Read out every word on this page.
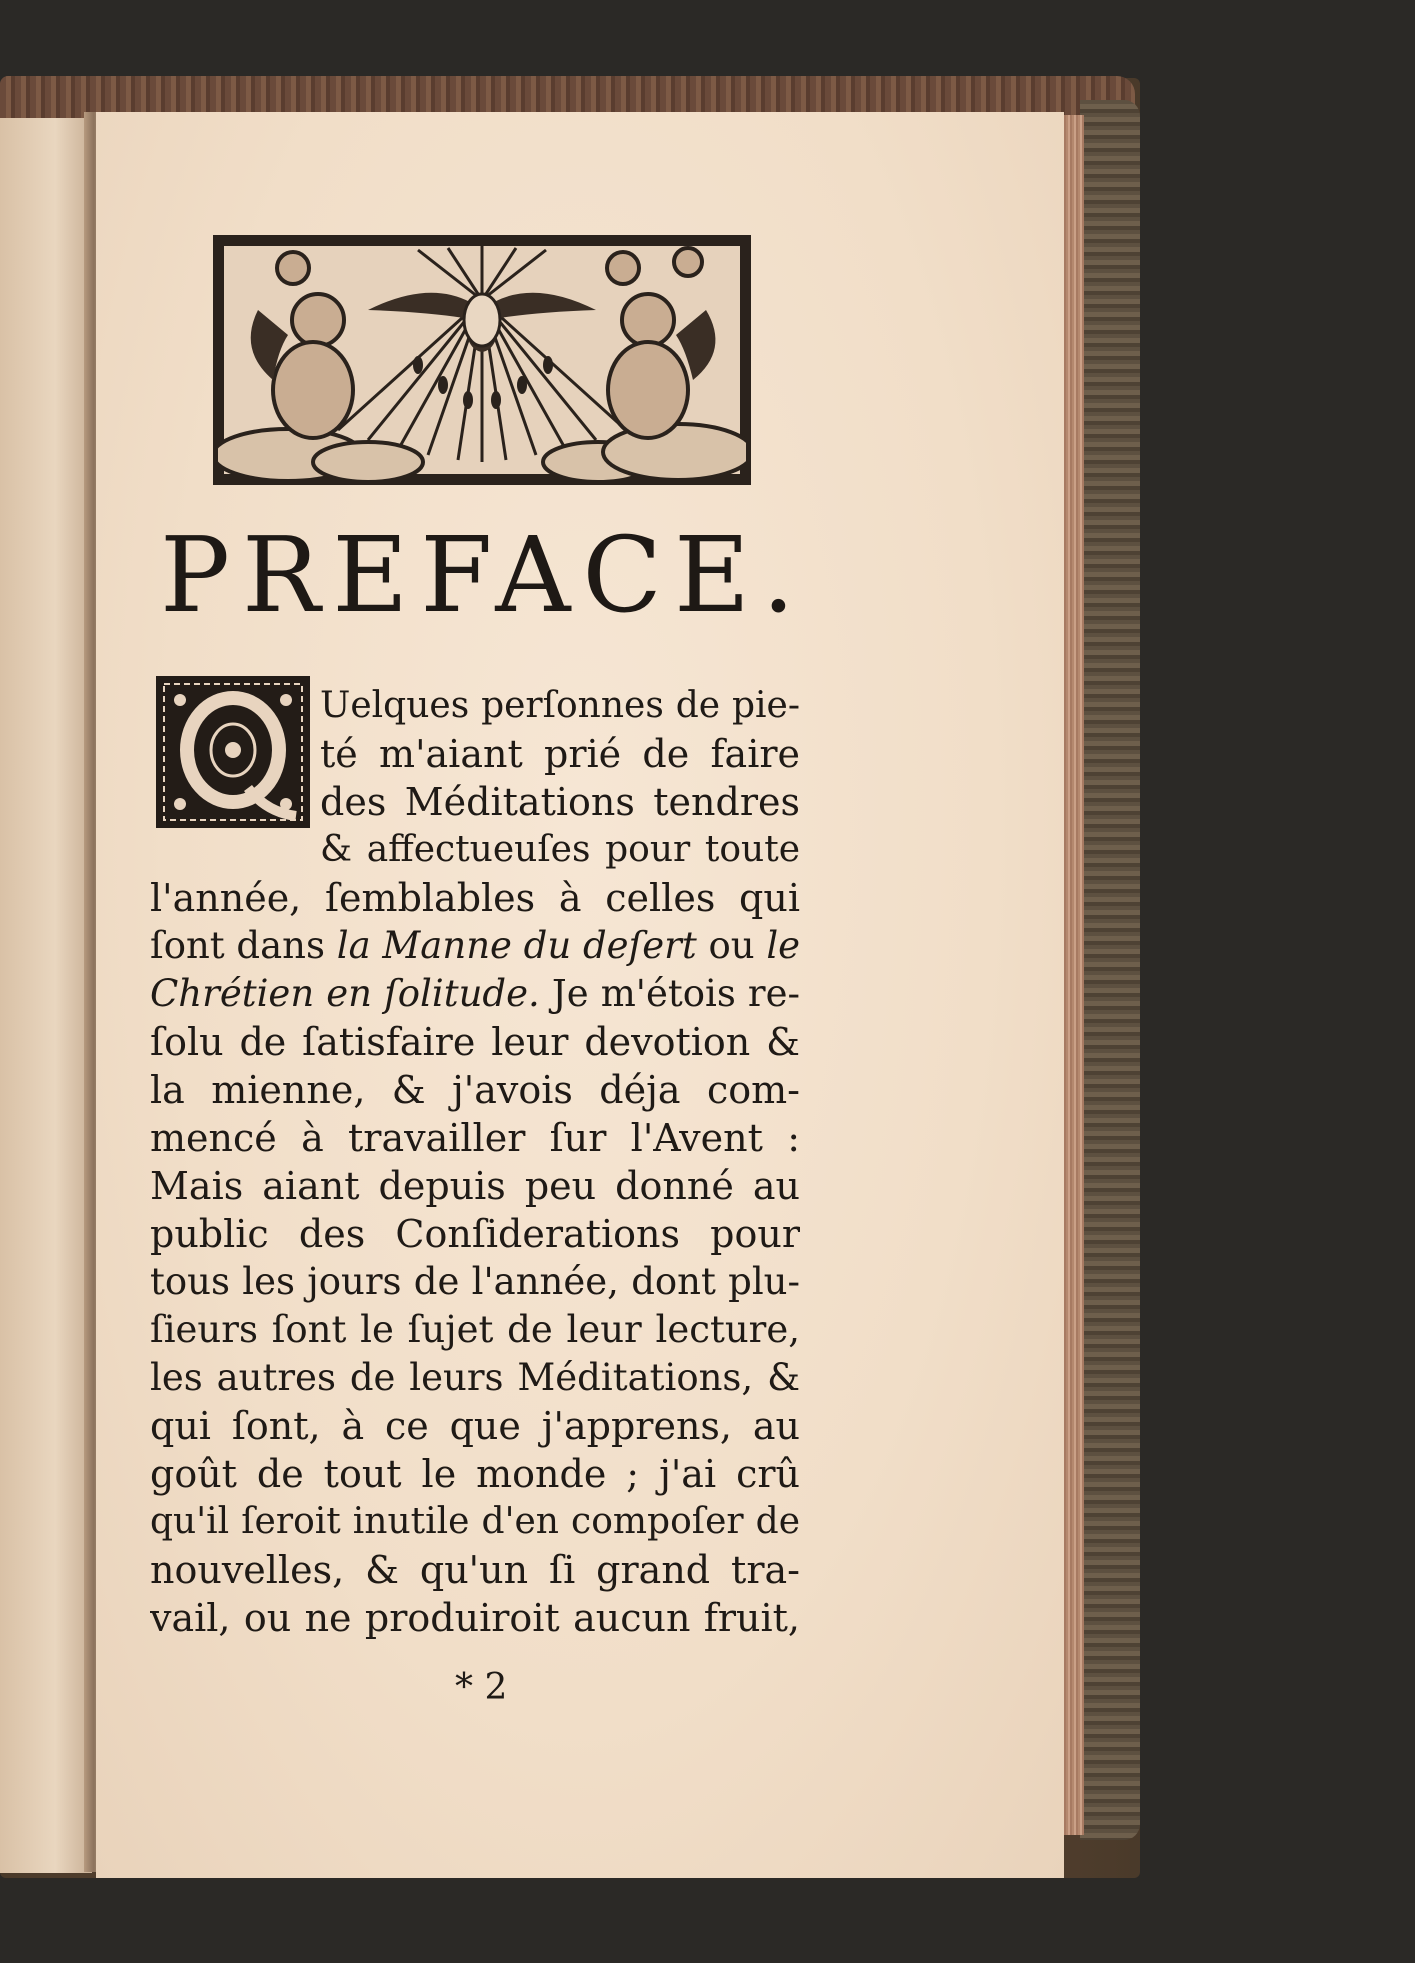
PREFACE.
Uelques perſonnes de pie-
té m'aiant prié de faire
des Méditations tendres
& affectueuſes pour toute
l'année, ſemblables à celles qui
ſont dans la Manne du deſert ou le
Chrétien en ſolitude. Je m'étois re-
ſolu de ſatisfaire leur devotion &
la mienne, & j'avois déja com-
mencé à travailler ſur l'Avent :
Mais aiant depuis peu donné au
public des Conſiderations pour
tous les jours de l'année, dont plu-
ſieurs ſont le ſujet de leur lecture,
les autres de leurs Méditations, &
qui ſont, à ce que j'apprens, au
goût de tout le monde ; j'ai crû
qu'il ſeroit inutile d'en compoſer de
nouvelles, & qu'un ſi grand tra-
vail, ou ne produiroit aucun fruit,
* 2
